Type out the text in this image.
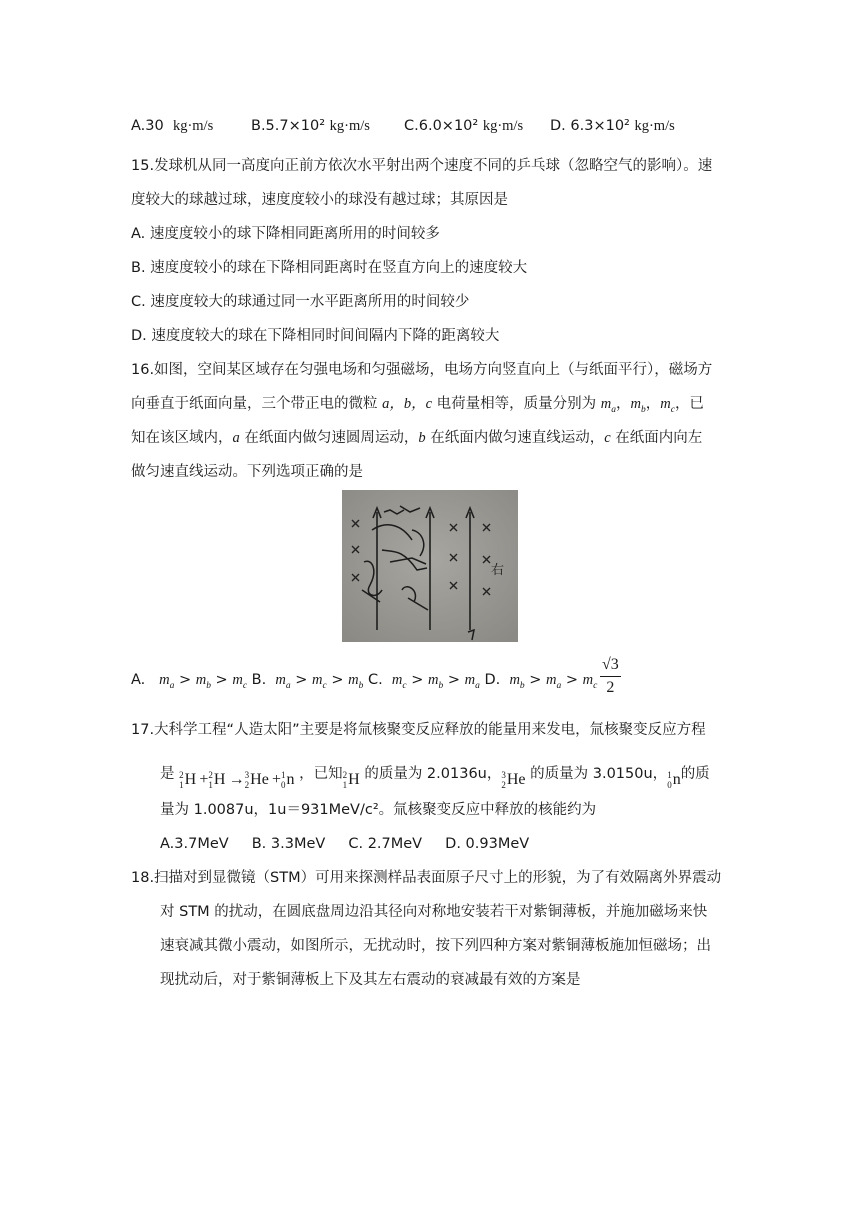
A.30 kg·m/s	B.5.7×10² kg·m/s C.6.0×10² kg·m/s D. 6.3×10² kg·m/s
15.发球机从同一高度向正前方依次水平射出两个速度不同的乒乓球（忽略空气的影响）。速
度较大的球越过球，速度度较小的球没有越过球；其原因是
A. 速度度较小的球下降相同距离所用的时间较多
B. 速度度较小的球在下降相同距离时在竖直方向上的速度较大
C. 速度度较大的球通过同一水平距离所用的时间较少
D. 速度度较大的球在下降相同时间间隔内下降的距离较大
16.如图，空间某区域存在匀强电场和匀强磁场，电场方向竖直向上（与纸面平行），磁场方
向垂直于纸面向量，三个带正电的微粒 a，b，c 电荷量相等，质量分别为 $m_a$，$m_b$，$m_c$，已
知在该区域内，a 在纸面内做匀速圆周运动，b 在纸面内做匀速直线运动，c 在纸面内向左
做匀速直线运动。下列选项正确的是
右
A. $m_a > m_b > m_c$ B. $m_a > m_c > m_b$ C. $m_c > m_b > m_a$ D. $m_b > m_a > m_c \frac{√3}{2}$
17.大科学工程“人造太阳”主要是将氚核聚变反应释放的能量用来发电，氚核聚变反应方程
是 2
1 H + 2
1 H → 3
2 He + 1
0 n ，已知 2
1 H 的质量为 2.0136u， 3
2 He 的质量为 3.0150u， 1
0 n的质
量为 1.0087u，1u＝931MeV/c²。氚核聚变反应中释放的核能约为
A.3.7MeV     B. 3.3MeV     C. 2.7MeV     D. 0.93MeV
18.扫描对到显微镜（STM）可用来探测样品表面原子尺寸上的形貌，为了有效隔离外界震动
对 STM 的扰动，在圆底盘周边沿其径向对称地安装若干对紫铜薄板，并施加磁场来快
速衰减其微小震动，如图所示，无扰动时，按下列四种方案对紫铜薄板施加恒磁场；出
现扰动后，对于紫铜薄板上下及其左右震动的衰减最有效的方案是
